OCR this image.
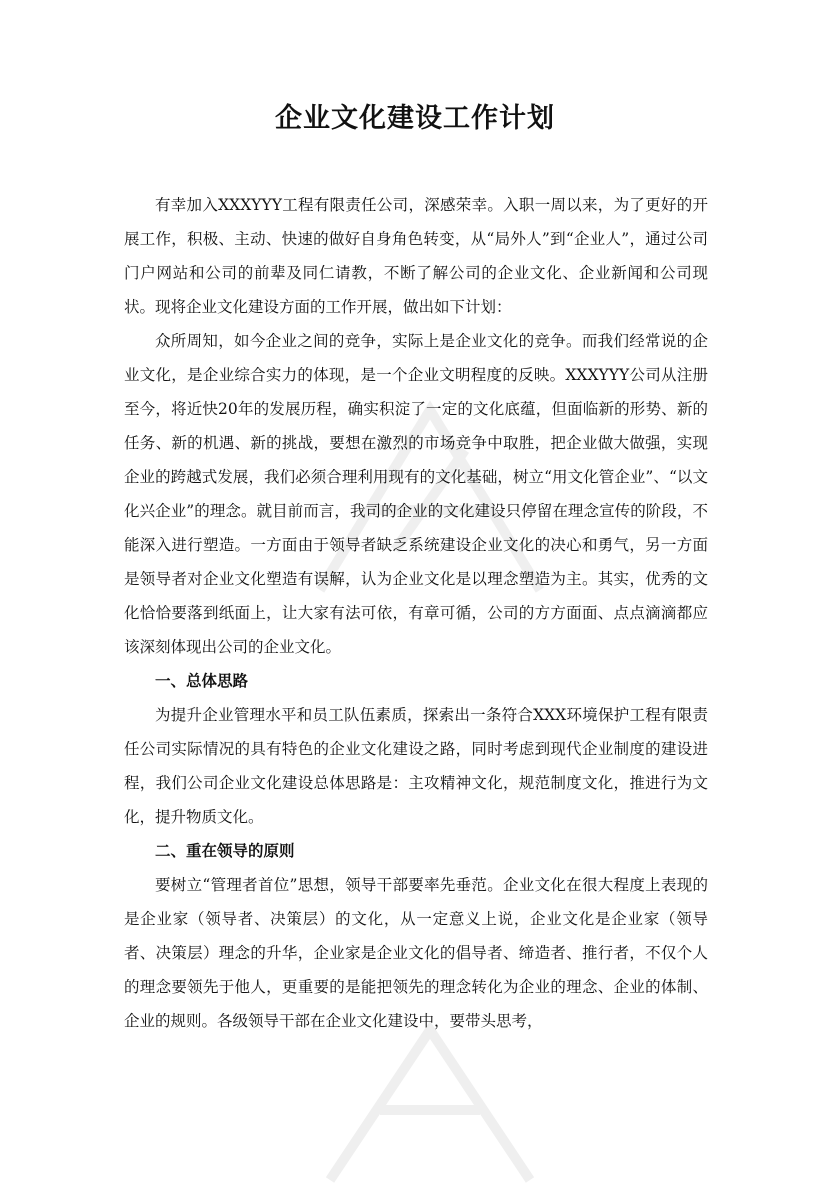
企业文化建设工作计划

有幸加入XXXYYY工程有限责任公司，深感荣幸。入职一周以来，为了更好的开展工作，积极、主动、快速的做好自身角色转变，从“局外人”到“企业人”，通过公司门户网站和公司的前辈及同仁请教，不断了解公司的企业文化、企业新闻和公司现状。现将企业文化建设方面的工作开展，做出如下计划：

众所周知，如今企业之间的竞争，实际上是企业文化的竞争。而我们经常说的企业文化，是企业综合实力的体现，是一个企业文明程度的反映。XXXYYY公司从注册至今，将近快20年的发展历程，确实积淀了一定的文化底蕴，但面临新的形势、新的任务、新的机遇、新的挑战，要想在激烈的市场竞争中取胜，把企业做大做强，实现企业的跨越式发展，我们必须合理利用现有的文化基础，树立“用文化管企业”、“以文化兴企业”的理念。就目前而言，我司的企业的文化建设只停留在理念宣传的阶段，不能深入进行塑造。一方面由于领导者缺乏系统建设企业文化的决心和勇气，另一方面是领导者对企业文化塑造有误解，认为企业文化是以理念塑造为主。其实，优秀的文化恰恰要落到纸面上，让大家有法可依，有章可循，公司的方方面面、点点滴滴都应该深刻体现出公司的企业文化。

一、总体思路

为提升企业管理水平和员工队伍素质，探索出一条符合XXX环境保护工程有限责任公司实际情况的具有特色的企业文化建设之路，同时考虑到现代企业制度的建设进程，我们公司企业文化建设总体思路是：主攻精神文化，规范制度文化，推进行为文化，提升物质文化。

二、重在领导的原则

要树立“管理者首位”思想，领导干部要率先垂范。企业文化在很大程度上表现的是企业家（领导者、决策层）的文化，从一定意义上说，企业文化是企业家（领导者、决策层）理念的升华，企业家是企业文化的倡导者、缔造者、推行者，不仅个人的理念要领先于他人，更重要的是能把领先的理念转化为企业的理念、企业的体制、企业的规则。各级领导干部在企业文化建设中，要带头思考，
